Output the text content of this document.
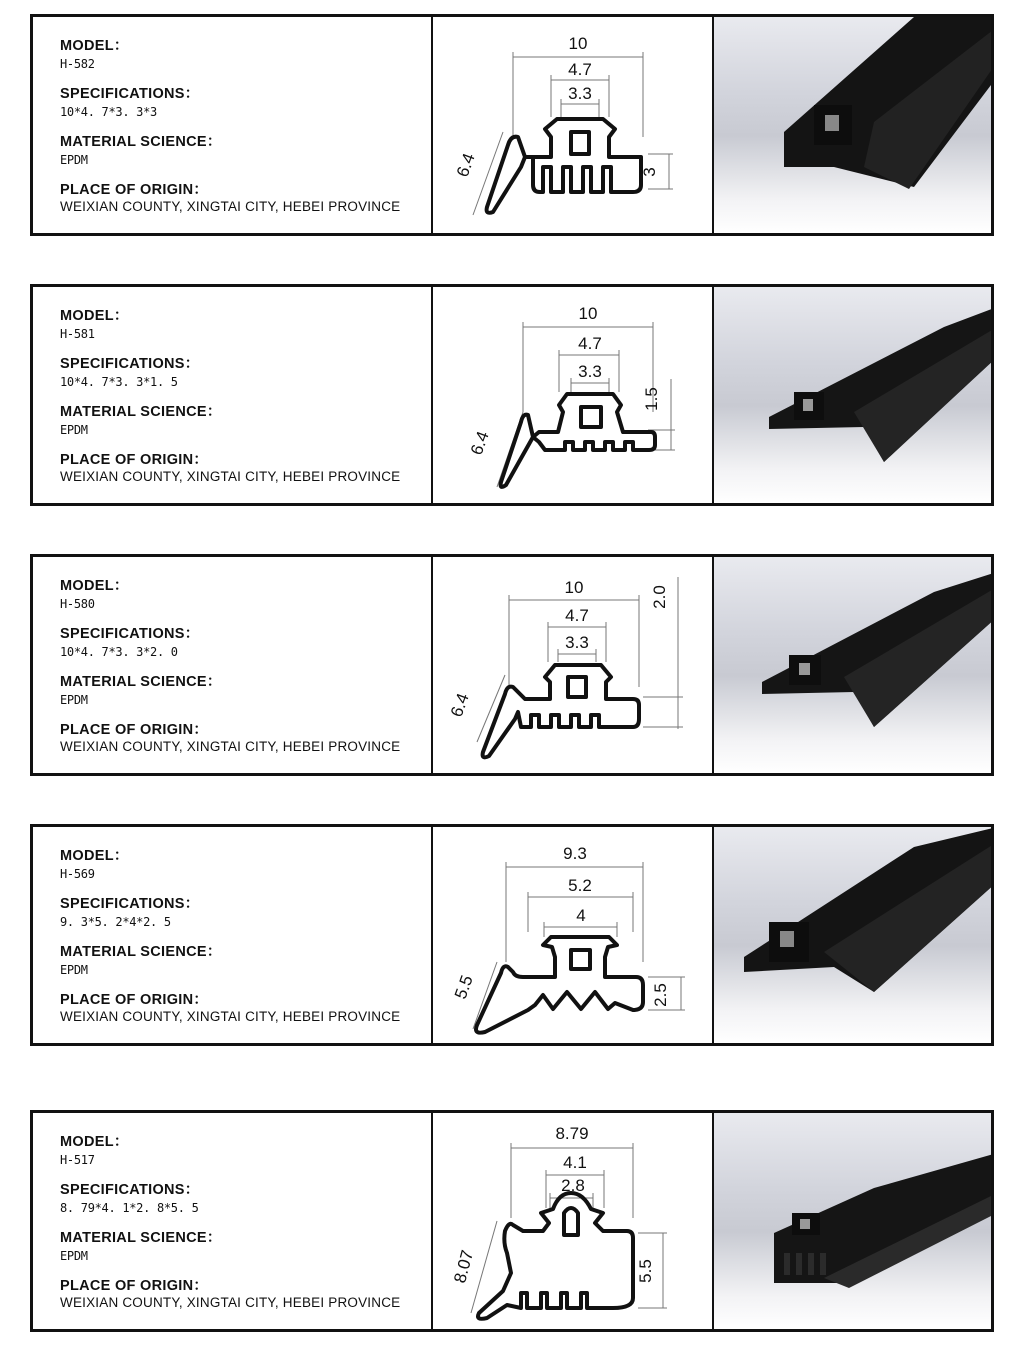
MODEL：

H-582

SPECIFICATIONS：

10*4. 7*3. 3*3

MATERIAL SCIENCE：

EPDM

PLACE OF ORIGIN：

WEIXIAN COUNTY, XINGTAI CITY, HEBEI PROVINCE

10
4.7
3.3
3
6.4

MODEL：

H-581

SPECIFICATIONS：

10*4. 7*3. 3*1. 5

MATERIAL SCIENCE：

EPDM

PLACE OF ORIGIN：

WEIXIAN COUNTY, XINGTAI CITY, HEBEI PROVINCE

10
4.7
3.3
1.5
6.4

MODEL：

H-580

SPECIFICATIONS：

10*4. 7*3. 3*2. 0

MATERIAL SCIENCE：

EPDM

PLACE OF ORIGIN：

WEIXIAN COUNTY, XINGTAI CITY, HEBEI PROVINCE

10
4.7
3.3
2.0
6.4

MODEL：

H-569

SPECIFICATIONS：

9. 3*5. 2*4*2. 5

MATERIAL SCIENCE：

EPDM

PLACE OF ORIGIN：

WEIXIAN COUNTY, XINGTAI CITY, HEBEI PROVINCE

9.3
5.2
4
2.5
5.5

MODEL：

H-517

SPECIFICATIONS：

8. 79*4. 1*2. 8*5. 5

MATERIAL SCIENCE：

EPDM

PLACE OF ORIGIN：

WEIXIAN COUNTY, XINGTAI CITY, HEBEI PROVINCE

8.79
4.1
2.8
5.5
8.07
